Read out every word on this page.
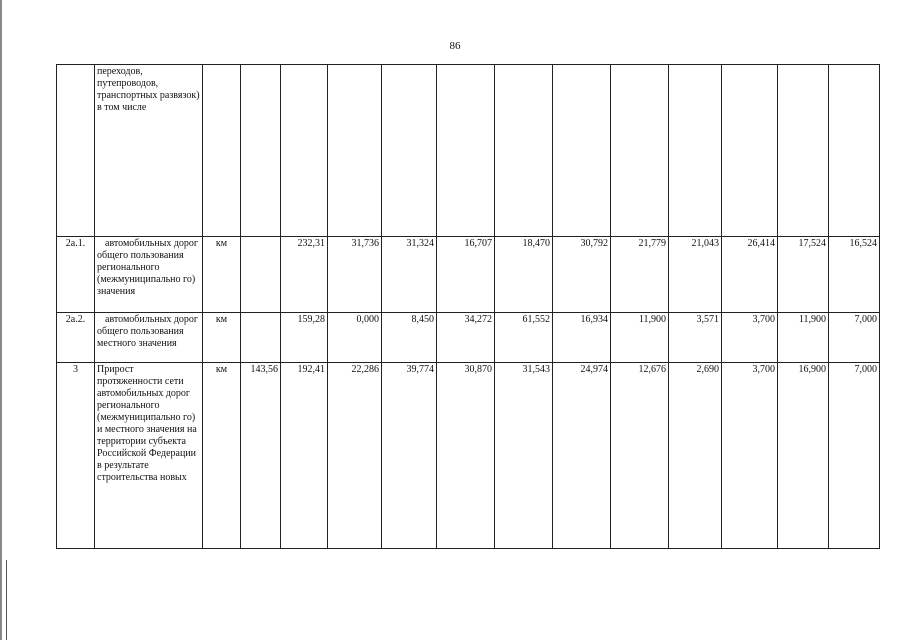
86
	переходов, путепроводов, транспортных развязок) в том числе													
2а.1.	автомобильных дорог общего пользования регионального (межмуниципально го) значения	км		232,31	31,736	31,324	16,707	18,470	30,792	21,779	21,043	26,414	17,524	16,524
2а.2.	автомобильных дорог общего пользования местного значения	км		159,28	0,000	8,450	34,272	61,552	16,934	11,900	3,571	3,700	11,900	7,000
3	Прирост протяженности сети автомобильных дорог регионального (межмуниципально го) и местного значения на территории субъекта Российской Федерации в результате строительства новых	км	143,56	192,41	22,286	39,774	30,870	31,543	24,974	12,676	2,690	3,700	16,900	7,000
